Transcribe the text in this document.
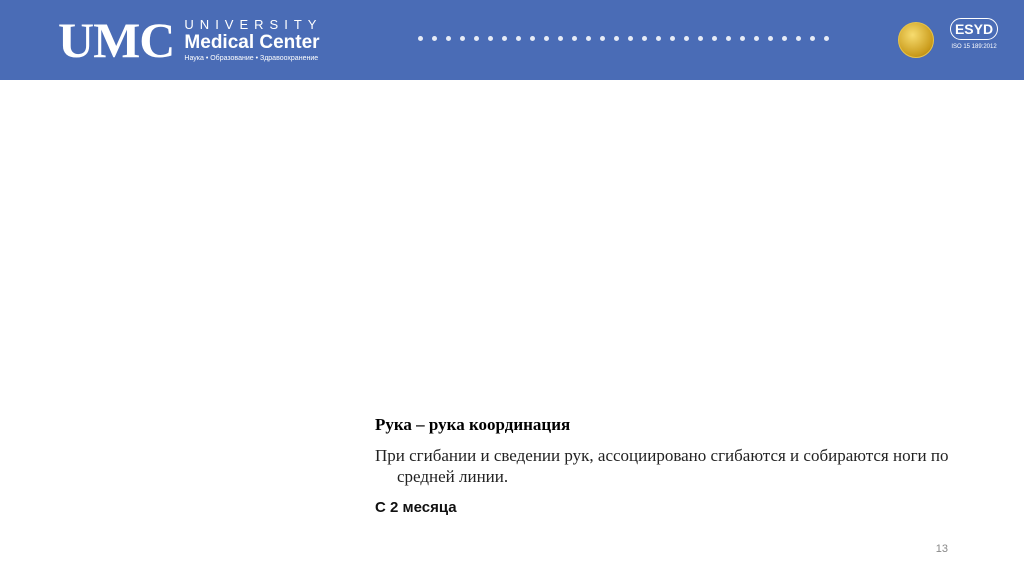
UMC UNIVERSITY
Medical Center
Наука • Образование • Здравоохранение
ESYD
ISO 15 189:2012

Рука – рука координация

При сгибании и сведении рук, ассоциировано сгибаются и собираются ноги по средней линии.

С 2 месяца

13
